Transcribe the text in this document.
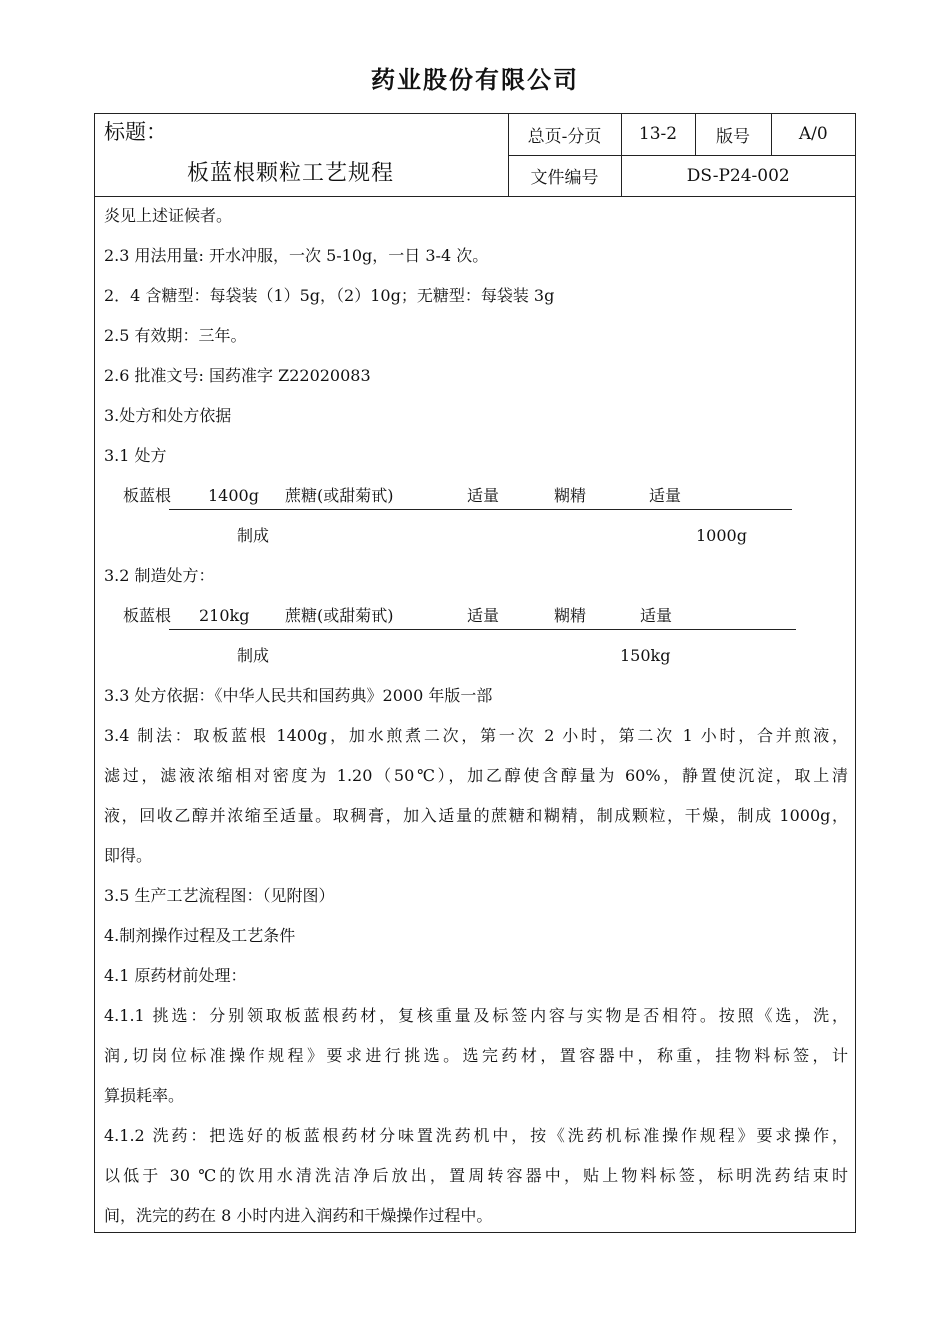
药业股份有限公司
标题：
板蓝根颗粒工艺规程	总页-分页	13-2	版号	A/0
	文件编号	DS-P24-002		
炎见上述证候者。
2.3 用法用量: 开水冲服，一次 5-10g，一日 3-4 次。
2．4 含糖型：每袋装（1）5g，（2）10g；无糖型：每袋装 3g
2.5 有效期：三年。
2.6 批准文号: 国药准字 Z22020083
3.处方和处方依据
3.1 处方
板蓝根 1400g 蔗糖(或甜菊甙)	适量	糊精	适量
制成	1000g
3.2 制造处方：
板蓝根 210kg 蔗糖(或甜菊甙)	适量	糊精	适量
制成	150kg
3.3 处方依据：《中华人民共和国药典》2000 年版一部
3.4 制法：取板蓝根 1400g，加水煎煮二次，第一次 2 小时，第二次 1 小时，合并煎液，
滤过，滤液浓缩相对密度为 1.20（50℃），加乙醇使含醇量为 60%，静置使沉淀，取上清
液，回收乙醇并浓缩至适量。取稠膏，加入适量的蔗糖和糊精，制成颗粒，干燥，制成 1000g，
即得。
3.5 生产工艺流程图：（见附图）
4.制剂操作过程及工艺条件
4.1 原药材前处理：
4.1.1 挑选：分别领取板蓝根药材，复核重量及标签内容与实物是否相符。按照《选，洗，
润,切岗位标准操作规程》要求进行挑选。选完药材，置容器中，称重，挂物料标签，计
算损耗率。
4.1.2 洗药：把选好的板蓝根药材分味置洗药机中，按《洗药机标准操作规程》要求操作，
以低于 30 ℃的饮用水清洗洁净后放出，置周转容器中，贴上物料标签，标明洗药结束时
间，洗完的药在 8 小时内进入润药和干燥操作过程中。
